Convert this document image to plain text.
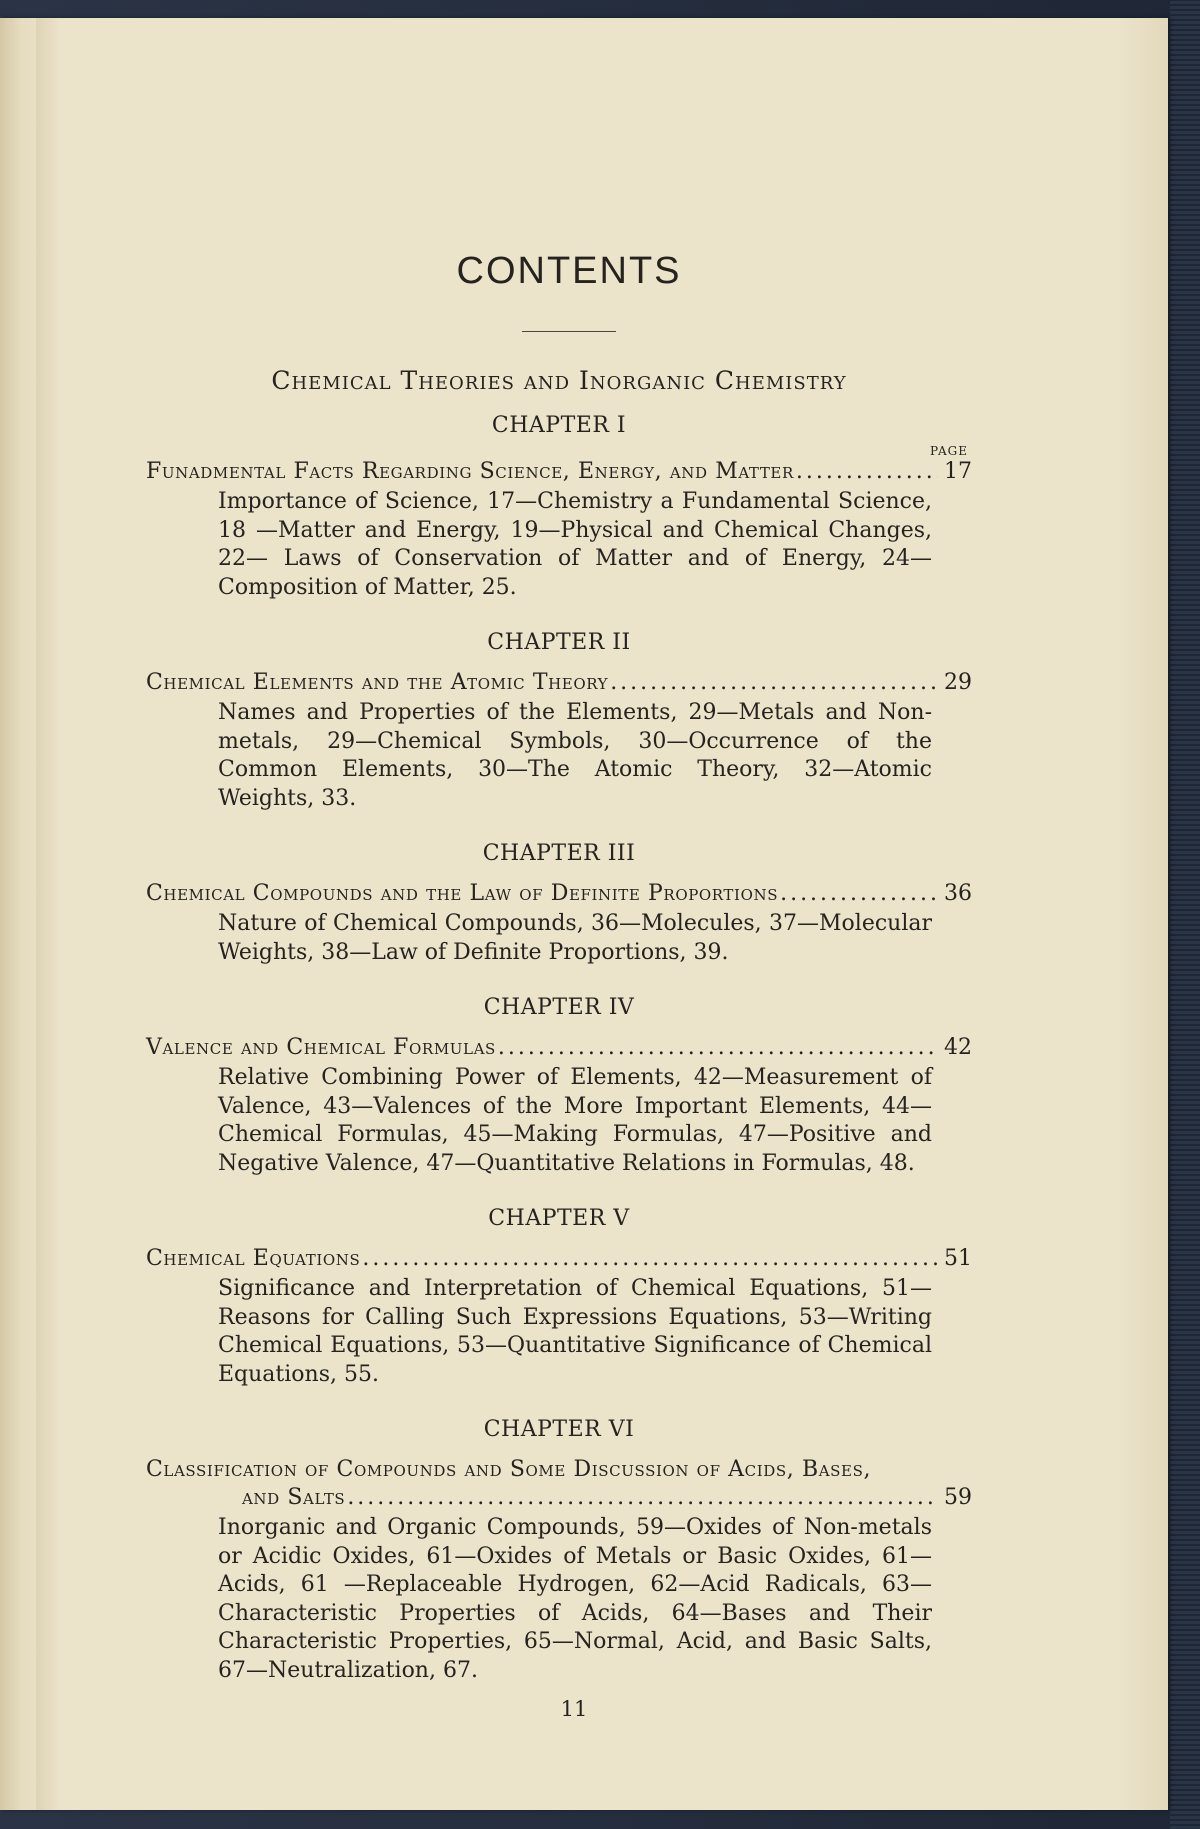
CONTENTS
Chemical Theories and Inorganic Chemistry
CHAPTER I
PAGE
Funadmental Facts Regarding Science, Energy, and Matter .....	17
Importance of Science, 17—Chemistry a Fundamental Science, 18 —Matter and Energy, 19—Physical and Chemical Changes, 22— Laws of Conservation of Matter and of Energy, 24—Composition of Matter, 25.
CHAPTER II
Chemical Elements and the Atomic Theory .....	29
Names and Properties of the Elements, 29—Metals and Non-metals, 29—Chemical Symbols, 30—Occurrence of the Common Elements, 30—The Atomic Theory, 32—Atomic Weights, 33.
CHAPTER III
Chemical Compounds and the Law of Definite Proportions .....	36
Nature of Chemical Compounds, 36—Molecules, 37—Molecular Weights, 38—Law of Definite Proportions, 39.
CHAPTER IV
Valence and Chemical Formulas .....	42
Relative Combining Power of Elements, 42—Measurement of Valence, 43—Valences of the More Important Elements, 44—Chemical Formulas, 45—Making Formulas, 47—Positive and Negative Valence, 47—Quantitative Relations in Formulas, 48.
CHAPTER V
Chemical Equations .....	51
Significance and Interpretation of Chemical Equations, 51—Reasons for Calling Such Expressions Equations, 53—Writing Chemical Equations, 53—Quantitative Significance of Chemical Equations, 55.
CHAPTER VI
Classification of Compounds and Some Discussion of Acids, Bases,
and Salts .....	59
Inorganic and Organic Compounds, 59—Oxides of Non-metals or Acidic Oxides, 61—Oxides of Metals or Basic Oxides, 61—Acids, 61 —Replaceable Hydrogen, 62—Acid Radicals, 63—Characteristic Properties of Acids, 64—Bases and Their Characteristic Properties, 65—Normal, Acid, and Basic Salts, 67—Neutralization, 67.
11
